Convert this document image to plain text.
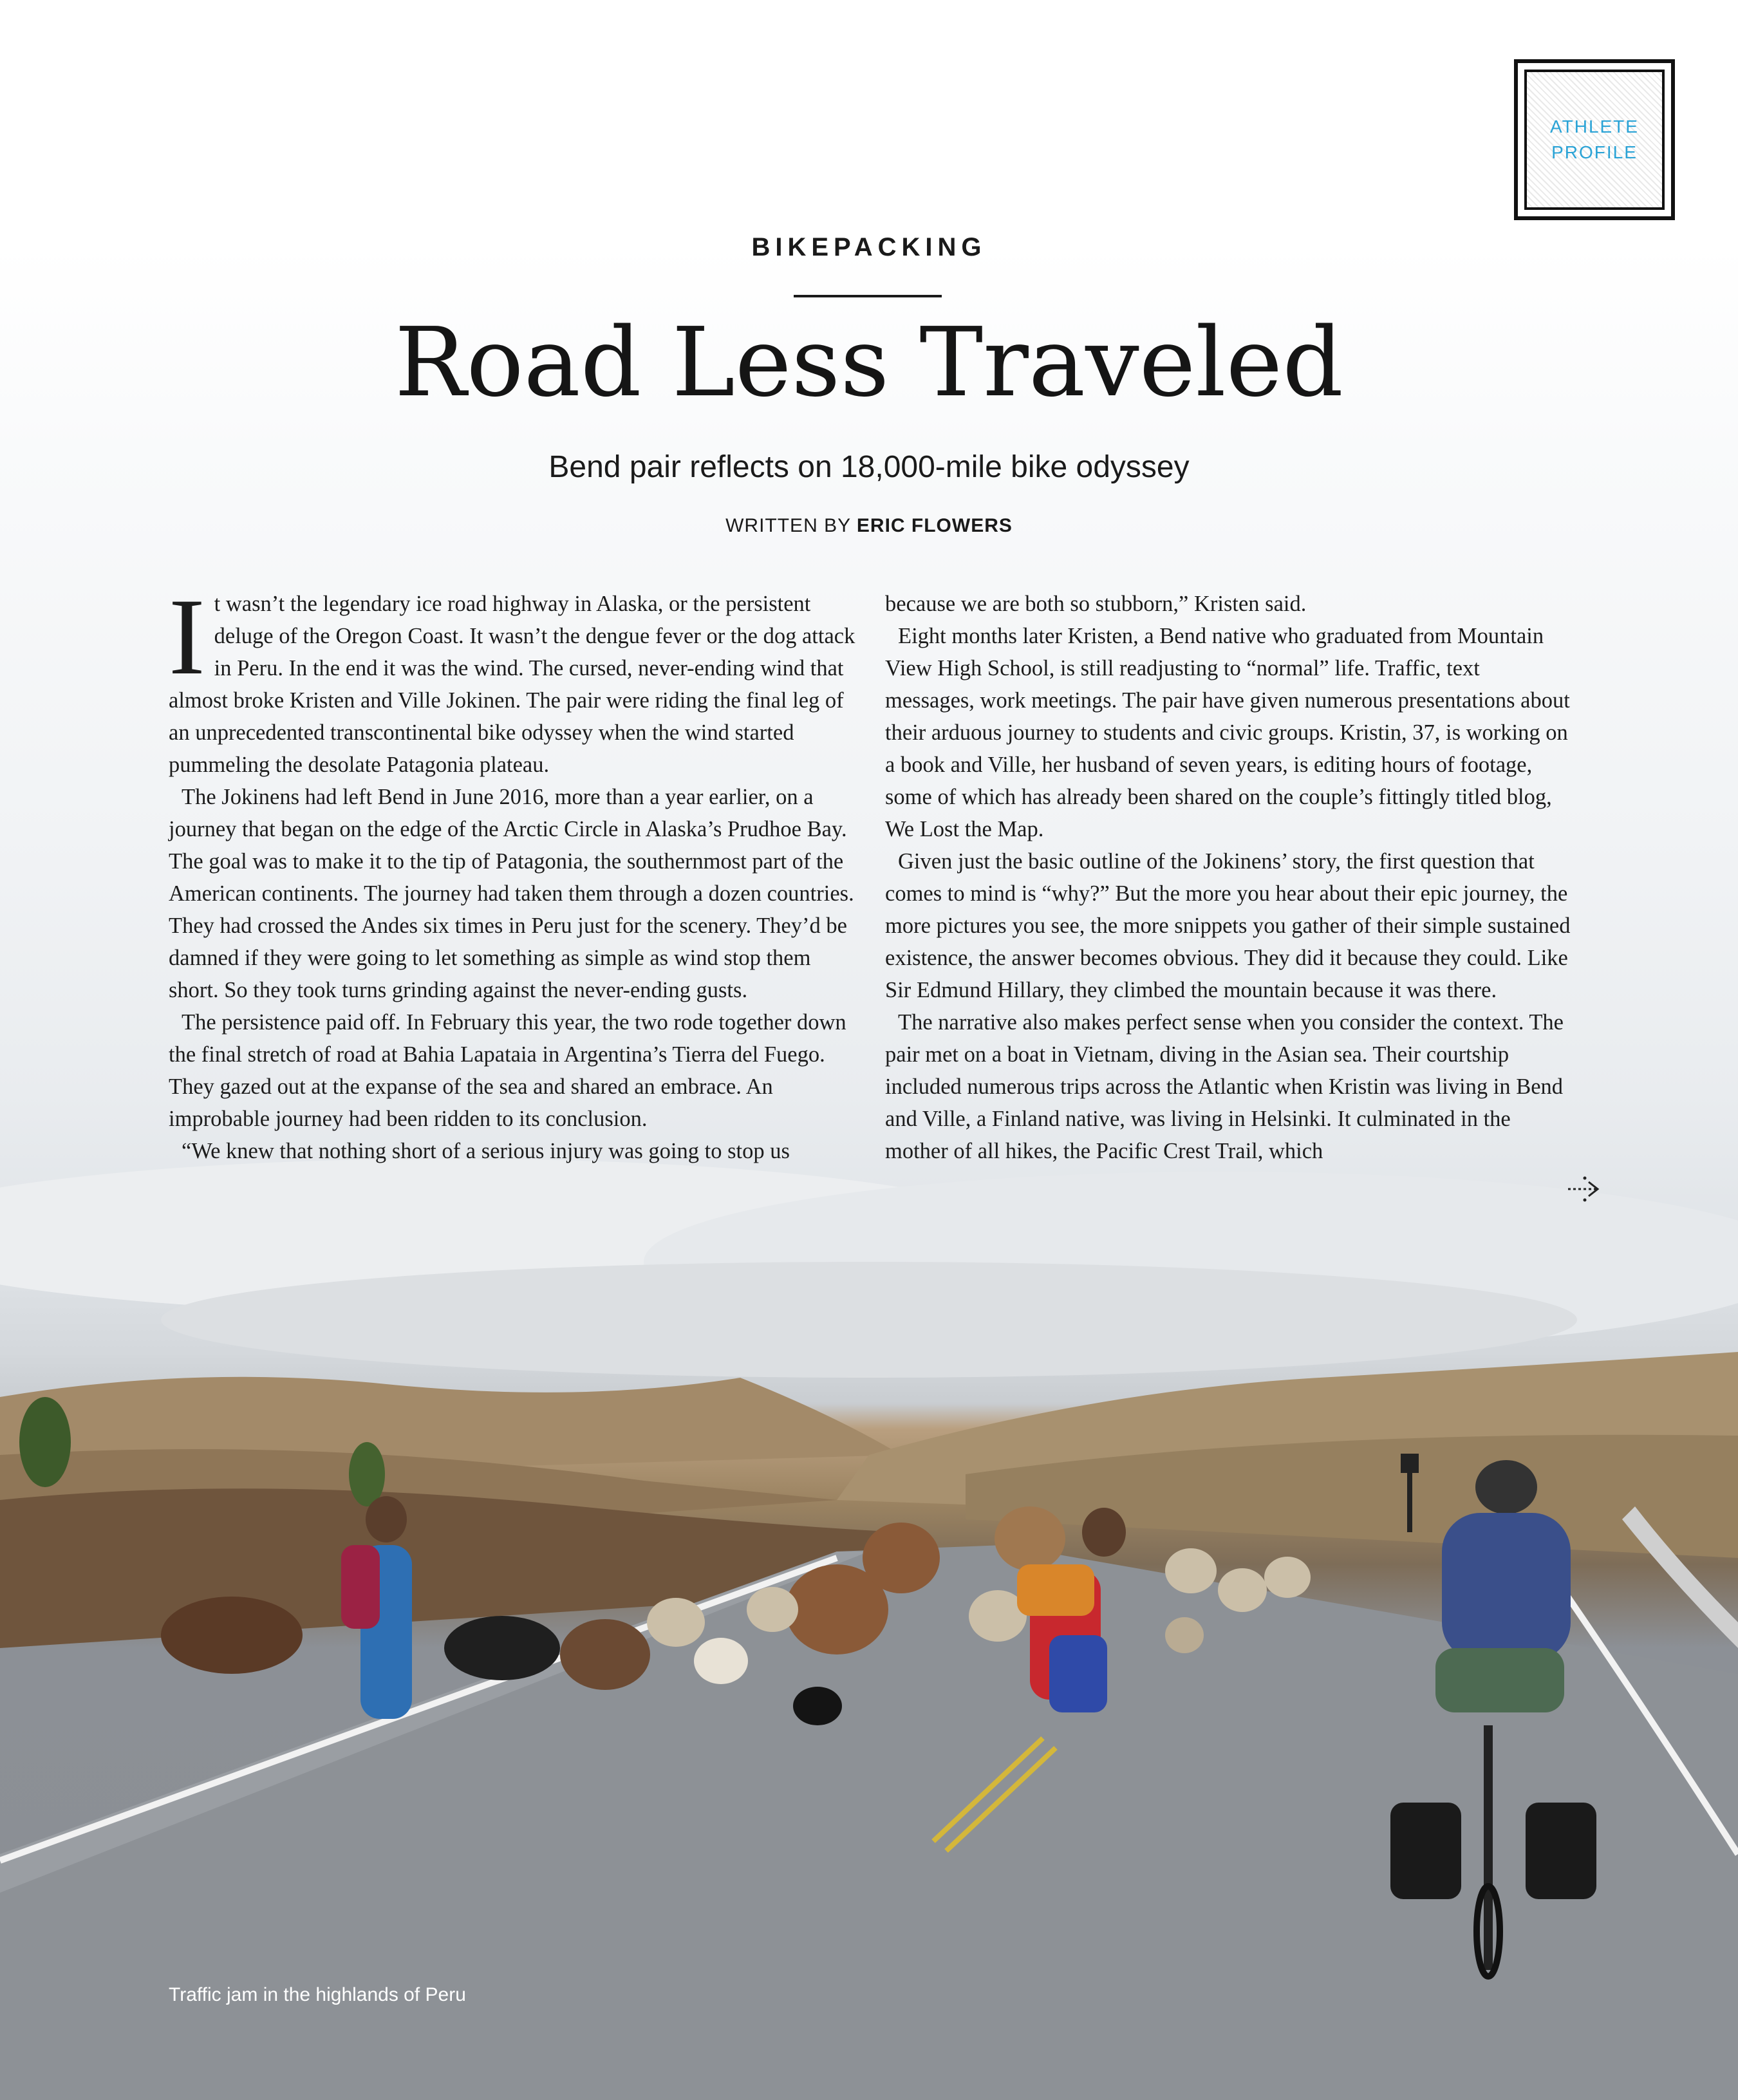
ATHLETE
PROFILE
BIKEPACKING
Road Less Traveled
Bend pair reflects on 18,000-mile bike odyssey
WRITTEN BY ERIC FLOWERS

It wasn’t the legendary ice road highway in Alaska, or the persistent deluge of the Oregon Coast. It wasn’t the dengue fever or the dog attack in Peru. In the end it was the wind. The cursed, never-ending wind that almost broke Kristen and Ville Jokinen. The pair were riding the final leg of an unprecedented transcontinental bike odyssey when the wind started pummeling the desolate Patagonia plateau.

The Jokinens had left Bend in June 2016, more than a year earlier, on a journey that began on the edge of the Arctic Circle in Alaska’s Prudhoe Bay. The goal was to make it to the tip of Patagonia, the southernmost part of the American continents. The journey had taken them through a dozen countries. They had crossed the Andes six times in Peru just for the scenery. They’d be damned if they were going to let something as simple as wind stop them short. So they took turns grinding against the never-ending gusts.

The persistence paid off. In February this year, the two rode together down the final stretch of road at Bahia Lapataia in Argentina’s Tierra del Fuego. They gazed out at the expanse of the sea and shared an embrace. An improbable journey had been ridden to its conclusion.

“We knew that nothing short of a serious injury was going to stop us

because we are both so stubborn,” Kristen said.

Eight months later Kristen, a Bend native who graduated from Mountain View High School, is still readjusting to “normal” life. Traffic, text messages, work meetings. The pair have given numerous presentations about their arduous journey to students and civic groups. Kristin, 37, is working on a book and Ville, her husband of seven years, is editing hours of footage, some of which has already been shared on the couple’s fittingly titled blog, We Lost the Map.

Given just the basic outline of the Jokinens’ story, the first question that comes to mind is “why?” But the more you hear about their epic journey, the more pictures you see, the more snippets you gather of their simple sustained existence, the answer becomes obvious. They did it because they could. Like Sir Edmund Hillary, they climbed the mountain because it was there.

The narrative also makes perfect sense when you consider the context. The pair met on a boat in Vietnam, diving in the Asian sea. Their courtship included numerous trips across the Atlantic when Kristin was living in Bend and Ville, a Finland native, was living in Helsinki. It culminated in the mother of all hikes, the Pacific Crest Trail, which

Traffic jam in the highlands of Peru
